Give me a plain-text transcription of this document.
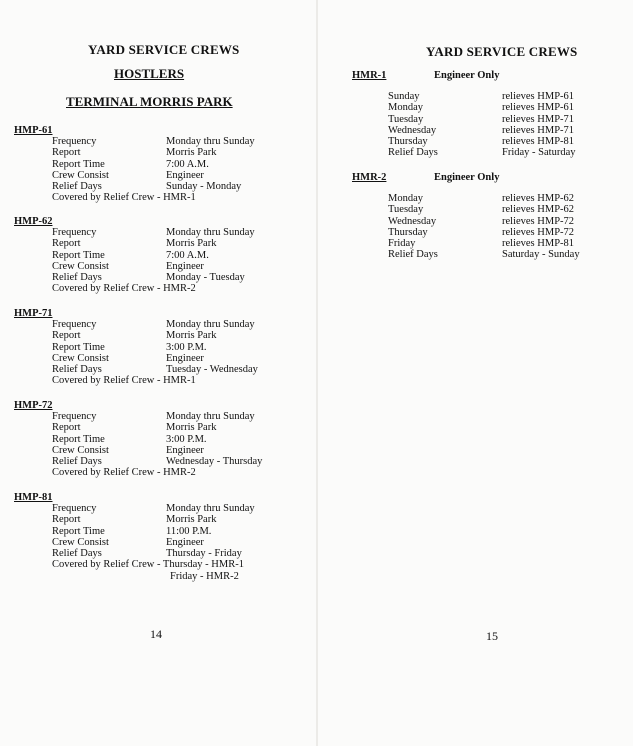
YARD SERVICE CREWS
HOSTLERS
TERMINAL MORRIS PARK
HMP-61
Frequency	Monday thru Sunday
Report	Morris Park
Report Time	7:00 A.M.
Crew Consist	Engineer
Relief Days	Sunday - Monday
Covered by Relief Crew - HMR-1
HMP-62
Frequency	Monday thru Sunday
Report	Morris Park
Report Time	7:00 A.M.
Crew Consist	Engineer
Relief Days	Monday - Tuesday
Covered by Relief Crew - HMR-2
HMP-71
Frequency	Monday thru Sunday
Report	Morris Park
Report Time	3:00 P.M.
Crew Consist	Engineer
Relief Days	Tuesday - Wednesday
Covered by Relief Crew - HMR-1
HMP-72
Frequency	Monday thru Sunday
Report	Morris Park
Report Time	3:00 P.M.
Crew Consist	Engineer
Relief Days	Wednesday - Thursday
Covered by Relief Crew - HMR-2
HMP-81
Frequency	Monday thru Sunday
Report	Morris Park
Report Time	11:00 P.M.
Crew Consist	Engineer
Relief Days	Thursday - Friday
Covered by Relief Crew - Thursday - HMR-1
Friday - HMR-2
14
YARD SERVICE CREWS
HMR-1	Engineer Only
Sunday	relieves HMP-61
Monday	relieves HMP-61
Tuesday	relieves HMP-71
Wednesday	relieves HMP-71
Thursday	relieves HMP-81
Relief Days	Friday - Saturday
HMR-2	Engineer Only
Monday	relieves HMP-62
Tuesday	relieves HMP-62
Wednesday	relieves HMP-72
Thursday	relieves HMP-72
Friday	relieves HMP-81
Relief Days	Saturday - Sunday
15
